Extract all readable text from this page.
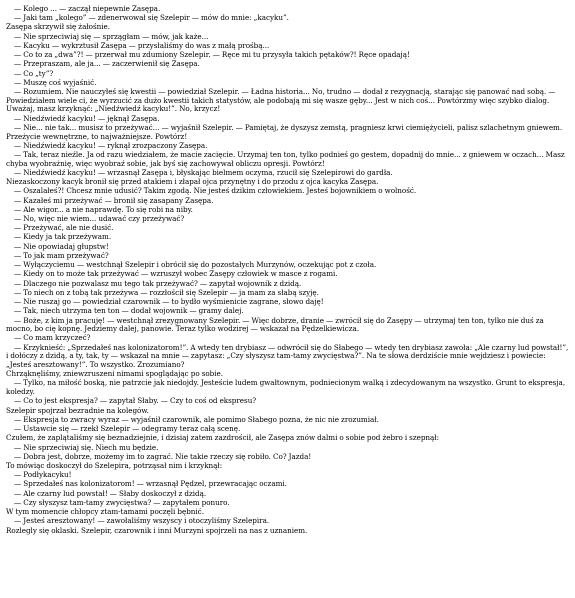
— Kolego ... — zaczął niepewnie Zasępa.

— Jaki tam „kolego” — zdenerwował się Szelepir — mów do mnie: „kacyku”.

Zasępa skrzywił się żałośnie.

— Nie sprzeciwiaj się — sprzągłam — mów, jak każe...

— Kacyku — wykrztusił Zasępa — przysłaliśmy do was z małą prośbą...

— Co to za „dwa”?! — przerwał mu zdumiony Szelepir. — Ręce mi tu przysyła takich pętaków?! Ręce opadają!

— Przepraszam, ale ja... — zaczerwienił się Zasępa.

— Co „ty”?

— Muszę coś wyjaśnić.

— Rozumiem. Nie nauczyłeś się kwestii — powiedział Szelepir. — Ładna historia... No, trudno — dodał z rezygnacją, starając się panować nad sobą. — Powiedziałem wiele ci, że wyrzucić za dużo kwestii takich statystów, ale podobają mi się wasze gęby... Jest w nich coś... Powtórzmy więc szybko dialog. Uważaj, masz krzyknąć: „Niedźwiedź kacyku!”. No, krzycz!

— Niedźwiedź kacyku! — jęknął Zasępa.

— Nie... nie tak... musisz to przeżywać... — wyjaśnił Szelepir. — Pamiętaj, że dyszysz zemstą, pragniesz krwi ciemiężycieli, palisz szlachetnym gniewem. Przeżycie wewnętrzne, to najważniejsze. Powtórz!

— Niedźwiedź kacyku! — ryknął zrozpaczony Zasępa.

— Tak, teraz nieźle. Ja od razu wiedziałem, że macie zacięcie. Urzymaj ten ton, tylko podnieś go gestem, dopadnij do mnie... z gniewem w oczach... Masz chyba wyobrażnię, więc wyobraź sobie, jak byś się zachowywał obliczu opresji. Powtórz!

— Niedźwiedź kacyku! — wrzasnął Zasępa i, błyskając bielmem oczyma, rzucił się Szelepirowi do gardła.

Niezaskoczony kacyk bronił się przed atakiem i złapał ojca przynętny i do przodu z ojca kacyka Zasępa.

— Oszalałeś?! Chcesz mnie udusić? Takim zgodą. Nie jesteś dzikim człowiekiem. Jesteś bojownikiem o wolność.

— Kazałeś mi przeżywać — bronił się zasapany Zasępa.

— Ale wigor... a nie naprawdę. To się robi na niby.

— No, więc nie wiem... udawać czy przeżywać?

— Przeżywać, ale nie dusić.

— Kiedy ja tak przeżywam.

— Nie opowiadaj głupstw!

— To jak mam przeżywać?

— Wyłączyciemu — westchnął Szelepir i obrócił się do pozostałych Murzynów, oczekując pot z czoła.

— Kiedy on to może tak przeżywać — wzruszył wobec Zasępy człowiek w masce z rogami.

— Dlaczego nie pozwalasz mu tego tak przeżywać? — zapytał wojownik z dzidą.

— To niech on z tobą tak przeżywa — rozzłościł się Szelepir — ja mam za słabą szyję.

— Nie ruszaj go — powiedział czarownik — to bydło wyśmienicie zagrane, słowo daję!

— Tak, niech utrzyma ten ton — dodał wojownik — gramy dalej.

— Boże, z kim ja pracuję! — westchnął zrezygnowany Szelepir. — Więc dobrze, dranie — zwrócił się do Zasępy — utrzymaj ten ton, tylko nie duś za mocno, bo cię kopnę. Jedziemy dalej, panowie. Teraz tylko wodzirej — wskazał na Pędzelkiewicza.

— Co mam krzyczeć?

— Krzyknieść: „Sprzedałeś nas kolonizatorom!”. A wtedy ten drybiasz — odwrócił się do Słabego — wtedy ten drybiasz zawoła: „Ale czarny lud powstał!”, i dołóczy z dzidą, a ty, tak, ty — wskazał na mnie — zapytasz: „Czy słyszysz tam-tamy zwycięstwa?”. Na te słowa derdziście mnie wejdziesz i powiecie: „Jesteś aresztowany!”. To wszystko. Zrozumiano?

Chrząknęliśmy, zniewzruszeni nimami spoglądając po sobie.

— Tylko, na miłość boską, nie patrzcie jak niedojdy. Jesteście ludem gwałtownym, podniecionym walką i zdecydowanym na wszystko. Grunt to ekspresja, koledzy.

— Co to jest ekspresja? — zapytał Słaby. — Czy to coś od ekspresu?

Szelepir spojrzał bezradnie na kolegów.

— Ekspresja to zwracy wyraz — wyjaśnił czarownik, ale pomimo Słabego pozna, że nic nie zrozumiał.

— Ustawcie się — rzekł Szelepir — odegramy teraz całą scenę.

Czułem, że zaplątaliśmy się beznadziejnie, i dzisiaj zatem zazdrościł, ale Zasępa znów dalmi o sobie pod żebro i szepnął:

— Nie sprzeciwiaj się. Niech mu będzie.

— Dobra jest, dobrze, możemy im to zagrać. Nie takie rzeczy się robiło. Co? Jazda!

To mówiąc doskoczył do Szelepira, potrząsał nim i krzyknął:

— Podłykacyku!

— Sprzedałeś nas kolonizatorom! — wrzasnął Pędzel, przewracając oczami.

— Ale czarny lud powstał! — Słaby doskoczył z dzidą.

— Czy słyszysz tam-tamy zwycięstwa? — zapytałem ponuro.

W tym momencie chłopcy ztam-tamami poczęli bębnić.

— Jesteś aresztowany! — zawołaliśmy wszyscy i otoczyliśmy Szelepira.

Rozlegly się oklaski. Szelepir, czarownik i inni Murzyni spojrzeli na nas z uznaniem.
